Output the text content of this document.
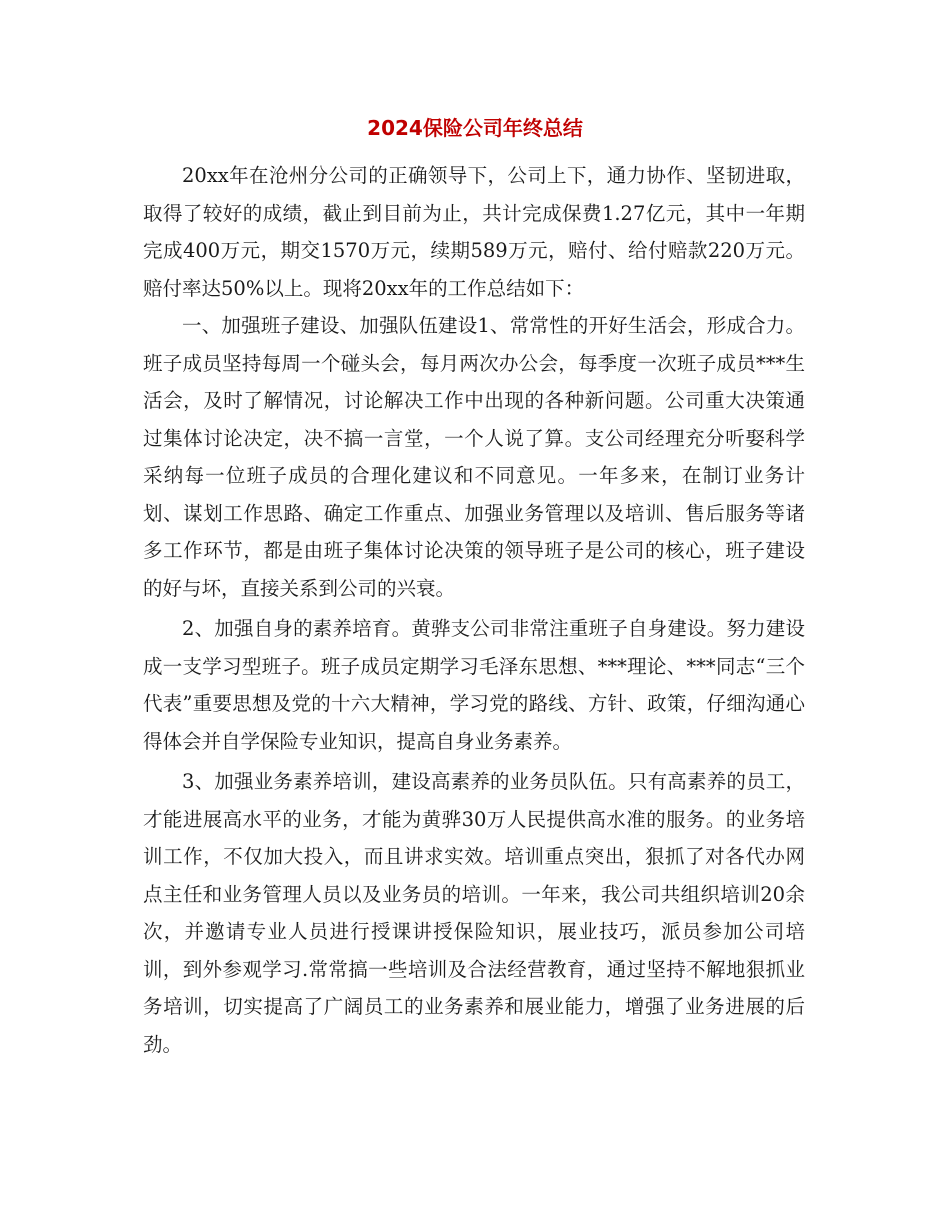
2024保险公司年终总结

20xx年在沧州分公司的正确领导下，公司上下，通力协作、坚韧进取，取得了较好的成绩，截止到目前为止，共计完成保费1.27亿元，其中一年期完成400万元，期交1570万元，续期589万元，赔付、给付赔款220万元。赔付率达50%以上。现将20xx年的工作总结如下：

一、加强班子建设、加强队伍建设1、常常性的开好生活会，形成合力。班子成员坚持每周一个碰头会，每月两次办公会，每季度一次班子成员***生活会，及时了解情况，讨论解决工作中出现的各种新问题。公司重大决策通过集体讨论决定，决不搞一言堂，一个人说了算。支公司经理充分听娶科学采纳每一位班子成员的合理化建议和不同意见。一年多来，在制订业务计划、谋划工作思路、确定工作重点、加强业务管理以及培训、售后服务等诸多工作环节，都是由班子集体讨论决策的领导班子是公司的核心，班子建设的好与坏，直接关系到公司的兴衰。

2、加强自身的素养培育。黄骅支公司非常注重班子自身建设。努力建设成一支学习型班子。班子成员定期学习毛泽东思想、***理论、***同志“三个代表”重要思想及党的十六大精神，学习党的路线、方针、政策，仔细沟通心得体会并自学保险专业知识，提高自身业务素养。

3、加强业务素养培训，建设高素养的业务员队伍。只有高素养的员工，才能进展高水平的业务，才能为黄骅30万人民提供高水准的服务。的业务培训工作，不仅加大投入，而且讲求实效。培训重点突出，狠抓了对各代办网点主任和业务管理人员以及业务员的培训。一年来，我公司共组织培训20余次，并邀请专业人员进行授课讲授保险知识，展业技巧，派员参加公司培训，到外参观学习.常常搞一些培训及合法经营教育，通过坚持不解地狠抓业务培训，切实提高了广阔员工的业务素养和展业能力，增强了业务进展的后劲。
